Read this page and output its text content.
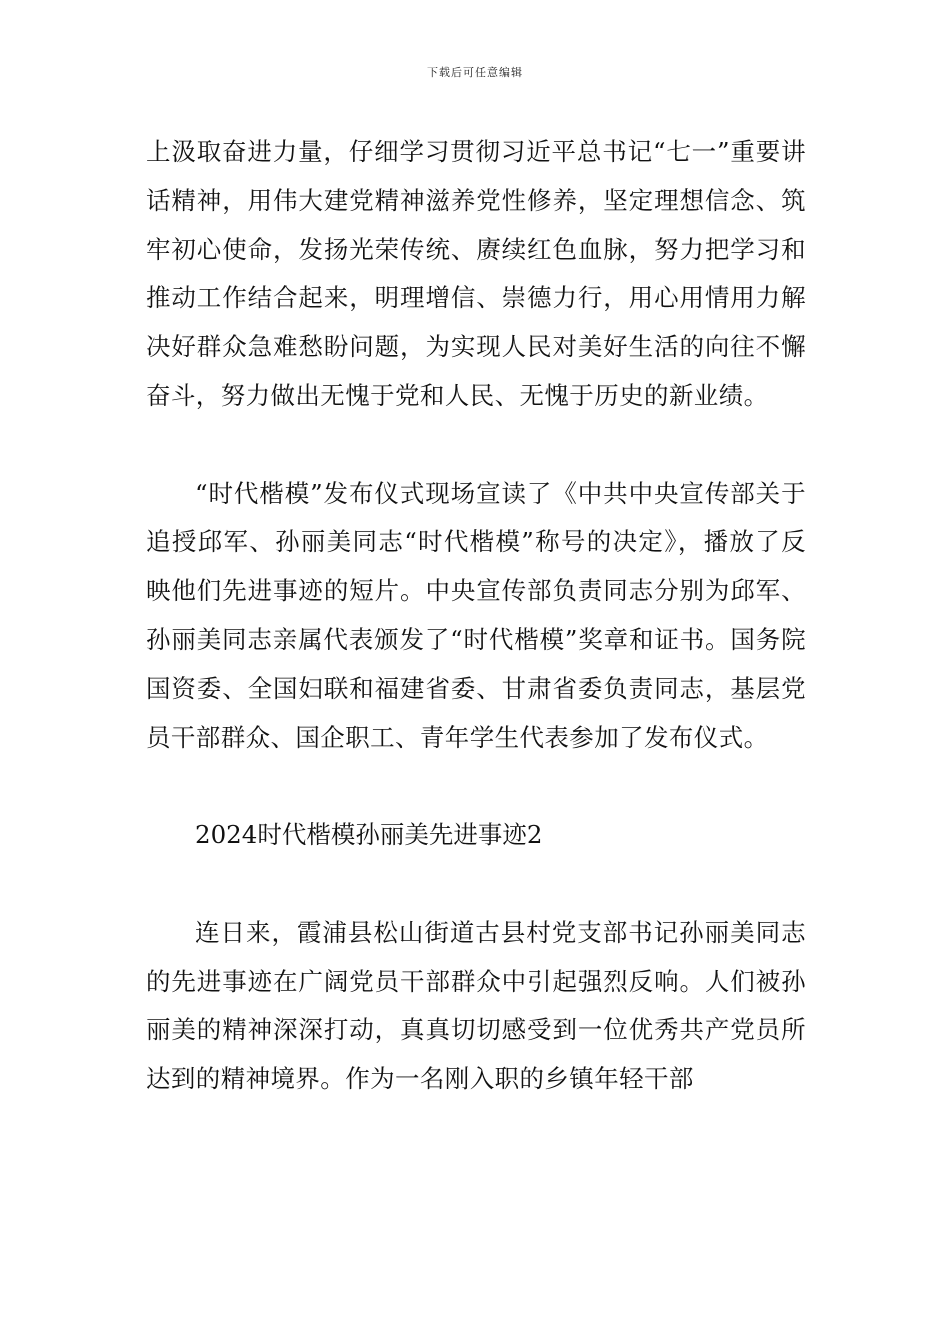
下载后可任意编辑

上汲取奋进力量，仔细学习贯彻习近平总书记“七一”重要讲话精神，用伟大建党精神滋养党性修养，坚定理想信念、筑牢初心使命，发扬光荣传统、赓续红色血脉，努力把学习和推动工作结合起来，明理增信、崇德力行，用心用情用力解决好群众急难愁盼问题，为实现人民对美好生活的向往不懈奋斗，努力做出无愧于党和人民、无愧于历史的新业绩。

“时代楷模”发布仪式现场宣读了《中共中央宣传部关于追授邱军、孙丽美同志“时代楷模”称号的决定》，播放了反映他们先进事迹的短片。中央宣传部负责同志分别为邱军、孙丽美同志亲属代表颁发了“时代楷模”奖章和证书。国务院国资委、全国妇联和福建省委、甘肃省委负责同志，基层党员干部群众、国企职工、青年学生代表参加了发布仪式。

2024时代楷模孙丽美先进事迹2

连日来，霞浦县松山街道古县村党支部书记孙丽美同志的先进事迹在广阔党员干部群众中引起强烈反响。人们被孙丽美的精神深深打动，真真切切感受到一位优秀共产党员所达到的精神境界。作为一名刚入职的乡镇年轻干部
